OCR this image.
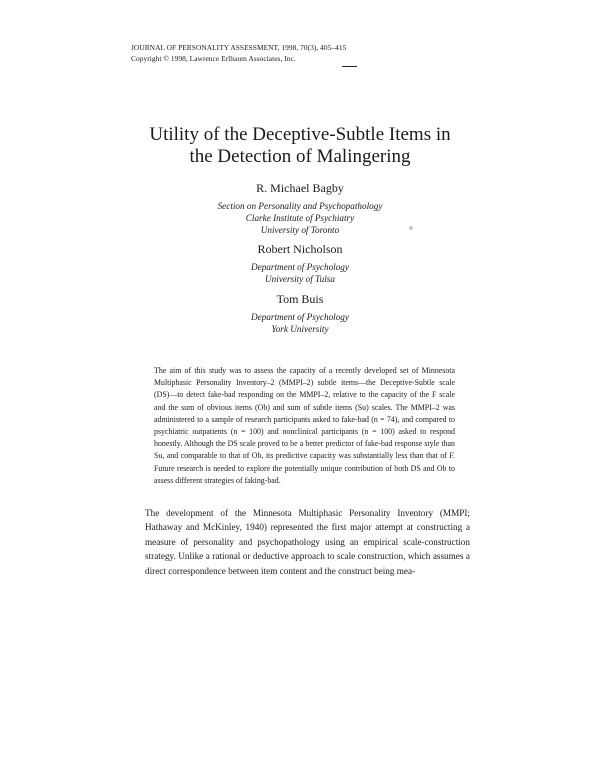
JOURNAL OF PERSONALITY ASSESSMENT, 1998, 70(3), 405–415
Copyright © 1998, Lawrence Erlbaum Associates, Inc.
Utility of the Deceptive-Subtle Items in
the Detection of Malingering
R. Michael Bagby
Section on Personality and Psychopathology
Clarke Institute of Psychiatry
University of Toronto
Robert Nicholson
Department of Psychology
University of Tulsa
Tom Buis
Department of Psychology
York University

The aim of this study was to assess the capacity of a recently developed set of Minnesota Multiphasic Personality Inventory–2 (MMPI–2) subtle items—the Deceptive-Subtle scale (DS)—to detect fake-bad responding on the MMPI–2, relative to the capacity of the F scale and the sum of obvious items (Ob) and sum of subtle items (Su) scales. The MMPI–2 was administered to a sample of research participants asked to fake-bad (n = 74), and compared to psychiatric outpatients (n = 100) and nonclinical participants (n = 100) asked to respond honestly. Although the DS scale proved to be a better predictor of fake-bad response style than Su, and comparable to that of Ob, its predictive capacity was substantially less than that of F. Future research is needed to explore the potentially unique contribution of both DS and Ob to assess different strategies of faking-bad.

The development of the Minnesota Multiphasic Personality Inventory (MMPI; Hathaway and McKinley, 1940) represented the first major attempt at constructing a measure of personality and psychopathology using an empirical scale-construction strategy. Unlike a rational or deductive approach to scale construction, which assumes a direct correspondence between item content and the construct being mea-
